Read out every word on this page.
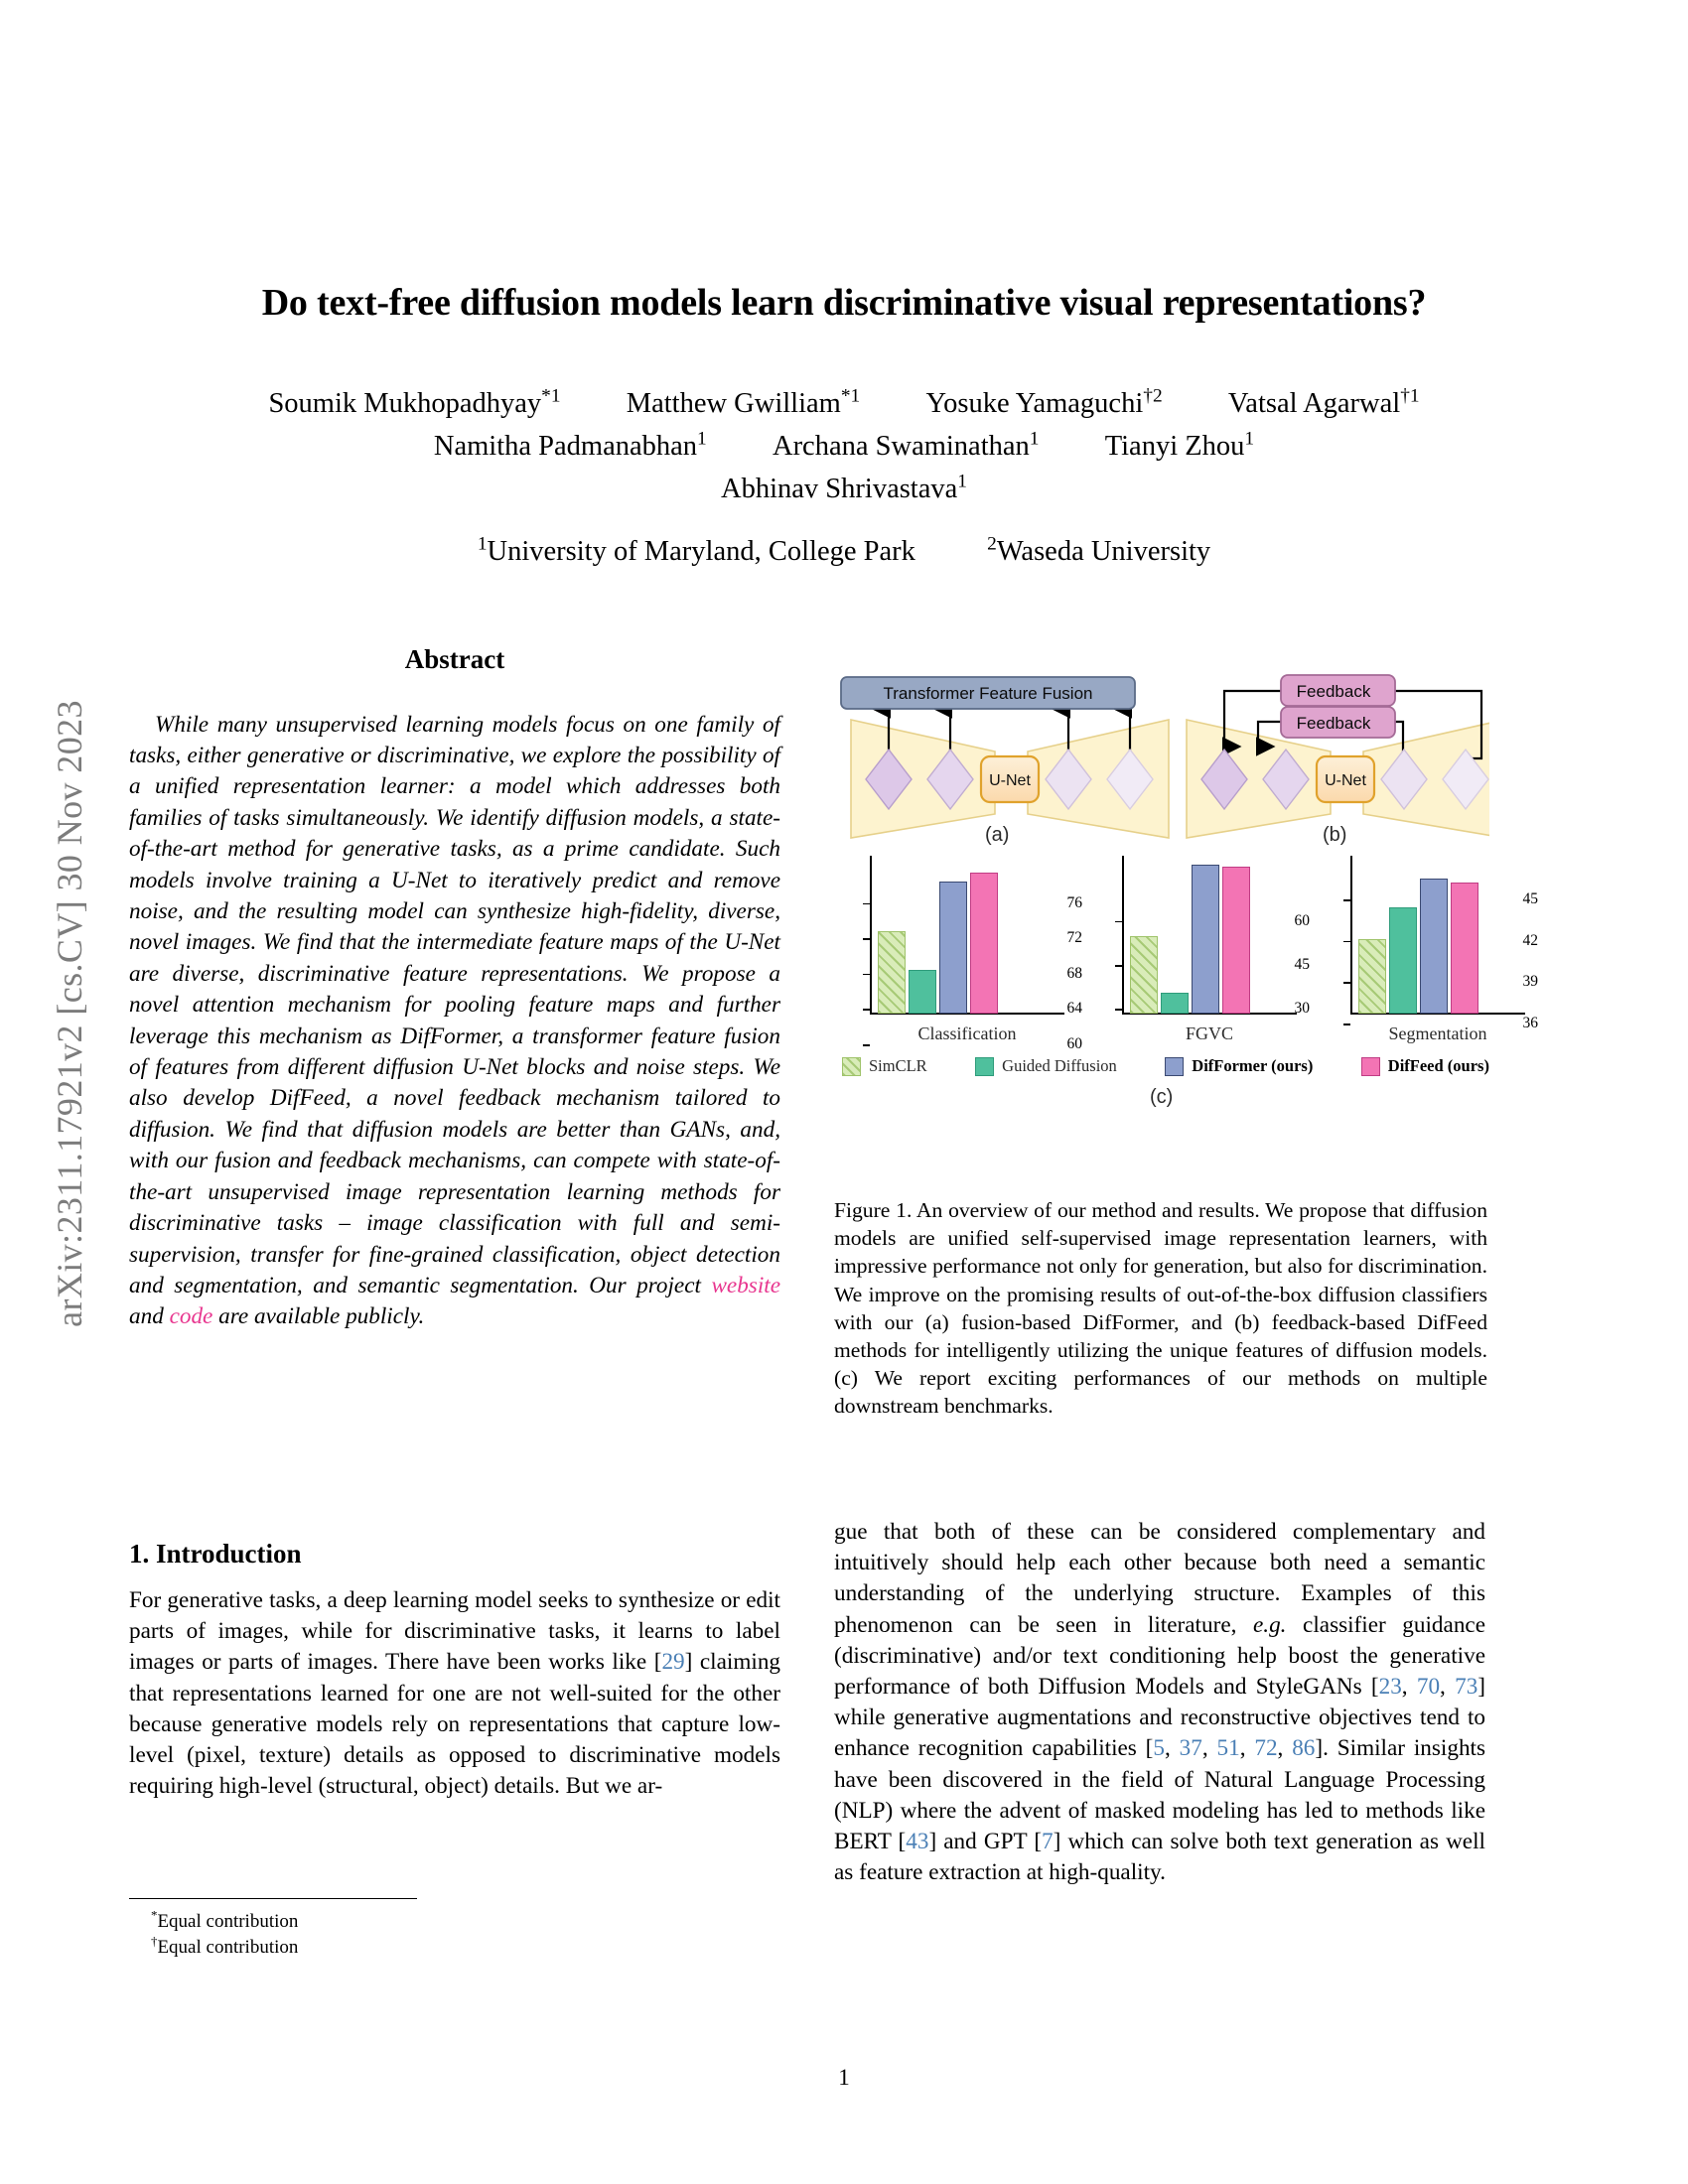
arXiv:2311.17921v2 [cs.CV] 30 Nov 2023
Do text-free diffusion models learn discriminative visual representations?
Soumik Mukhopadhyay$^{*1}$ Matthew Gwilliam$^{*1}$ Yosuke Yamaguchi$^{\dagger 2}$ Vatsal Agarwal$^{\dagger 1}$
Namitha Padmanabhan$^1$ Archana Swaminathan$^1$ Tianyi Zhou$^1$
Abhinav Shrivastava$^1$
$^1$University of Maryland, College Park	$^2$Waseda University
Abstract
While many unsupervised learning models focus on one family of tasks, either generative or discriminative, we explore the possibility of a unified representation learner: a model which addresses both families of tasks simultaneously. We identify diffusion models, a state-of-the-art method for generative tasks, as a prime candidate. Such models involve training a U-Net to iteratively predict and remove noise, and the resulting model can synthesize high-fidelity, diverse, novel images. We find that the intermediate feature maps of the U-Net are diverse, discriminative feature representations. We propose a novel attention mechanism for pooling feature maps and further leverage this mechanism as DifFormer, a transformer feature fusion of features from different diffusion U-Net blocks and noise steps. We also develop DifFeed, a novel feedback mechanism tailored to diffusion. We find that diffusion models are better than GANs, and, with our fusion and feedback mechanisms, can compete with state-of-the-art unsupervised image representation learning methods for discriminative tasks – image classification with full and semi-supervision, transfer for fine-grained classification, object detection and segmentation, and semantic segmentation. Our project website and code are available publicly.
1. Introduction
For generative tasks, a deep learning model seeks to synthesize or edit parts of images, while for discriminative tasks, it learns to label images or parts of images. There have been works like [29] claiming that representations learned for one are not well-suited for the other because generative models rely on representations that capture low-level (pixel, texture) details as opposed to discriminative models requiring high-level (structural, object) details. But we ar-
gue that both of these can be considered complementary and intuitively should help each other because both need a semantic understanding of the underlying structure. Examples of this phenomenon can be seen in literature, e.g. classifier guidance (discriminative) and/or text conditioning help boost the generative performance of both Diffusion Models and StyleGANs [23, 70, 73] while generative augmentations and reconstructive objectives tend to enhance recognition capabilities [5, 37, 51, 72, 86]. Similar insights have been discovered in the field of Natural Language Processing (NLP) where the advent of masked modeling has led to methods like BERT [43] and GPT [7] which can solve both text generation as well as feature extraction at high-quality.
U-Net
Transformer Feature Fusion
U-Net
Feedback
Feedback
(a)	(b)
60
64
68
72
76
Classification
30
45
60
FGVC
36
39
42
45
Segmentation
SimCLR	Guided Diffusion	DifFormer (ours)	DifFeed (ours)
(c)
Figure 1. An overview of our method and results. We propose that diffusion models are unified self-supervised image representation learners, with impressive performance not only for generation, but also for discrimination. We improve on the promising results of out-of-the-box diffusion classifiers with our (a) fusion-based DifFormer, and (b) feedback-based DifFeed methods for intelligently utilizing the unique features of diffusion models. (c) We report exciting performances of our methods on multiple downstream benchmarks.
*Equal contribution
†Equal contribution
1
